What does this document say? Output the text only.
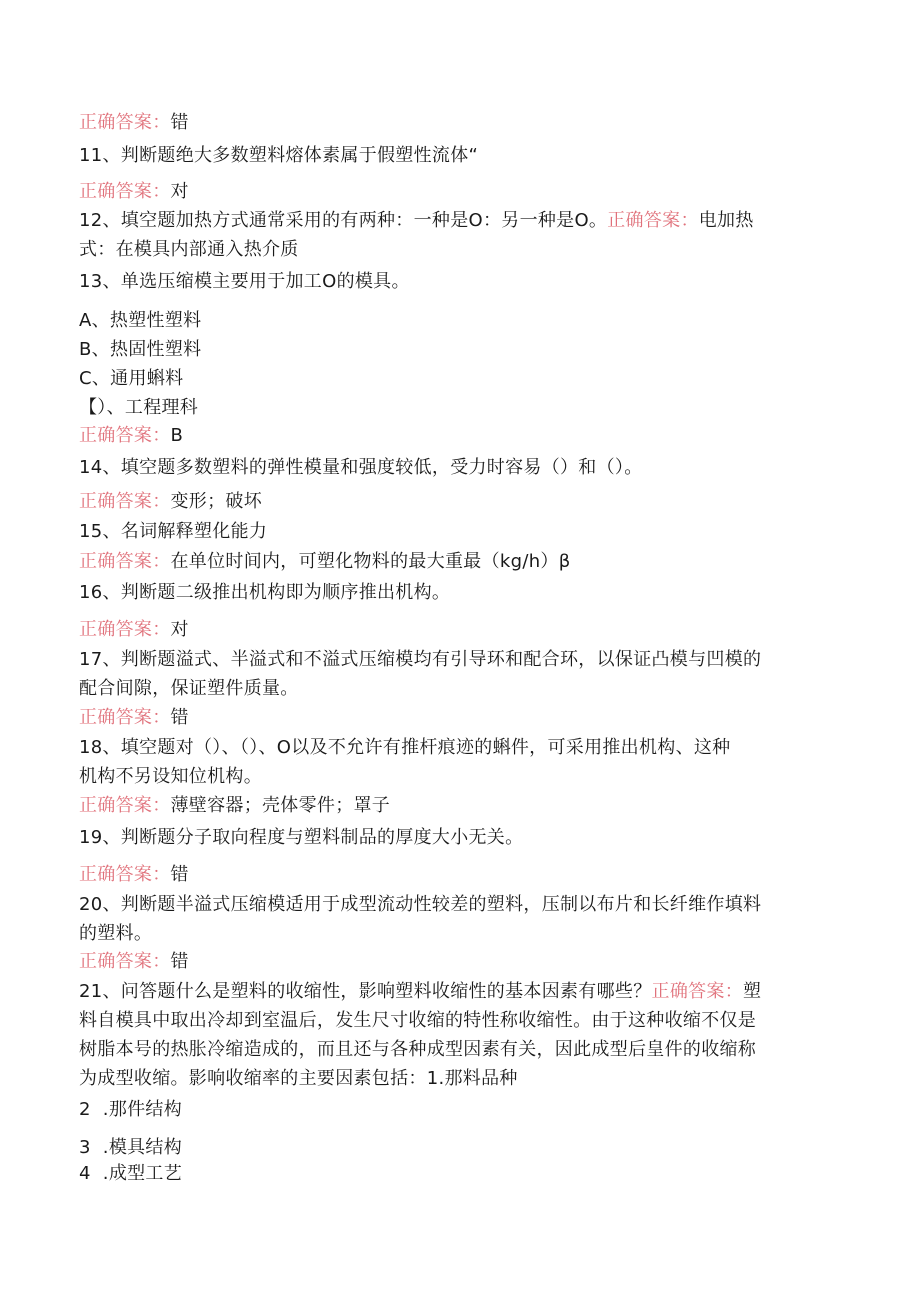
正确答案：错
11、判断题绝大多数塑料熔体素属于假塑性流体“
正确答案：对
12、填空题加热方式通常采用的有两种：一种是O：另一种是O。正确答案：电加热
式：在模具内部通入热介质
13、单选压缩模主要用于加工O的模具。
A、热塑性塑料
B、热固性塑料
C、通用蝌料
【）、工程理科
正确答案：B
14、填空题多数塑料的弹性模量和强度较低，受力时容易（）和（）。
正确答案：变形；破坏
15、名词解释塑化能力
正确答案：在单位时间内，可塑化物料的最大重最（kg/h）β
16、判断题二级推出机构即为顺序推出机构。
正确答案：对
17、判断题溢式、半溢式和不溢式压缩模均有引导环和配合环，以保证凸模与凹模的
配合间隙，保证塑件质量。
正确答案：错
18、填空题对（）、（）、O以及不允许有推杆痕迹的蝌件，可采用推出机构、这种
机构不另设知位机构。
正确答案：薄壁容器；壳体零件；罩子
19、判断题分子取向程度与塑料制品的厚度大小无关。
正确答案：错
20、判断题半溢式压缩模适用于成型流动性较差的塑料，压制以布片和长纤维作填料
的塑料。
正确答案：错
21、问答题什么是塑料的收缩性，影响塑料收缩性的基本因素有哪些？正确答案：塑
料自模具中取出冷却到室温后，发生尺寸收缩的特性称收缩性。由于这种收缩不仅是
树脂本号的热胀冷缩造成的，而且还与各种成型因素有关，因此成型后皇件的收缩称
为成型收缩。影响收缩率的主要因素包括：1.那料品种
2  .那件结构
3  .模具结构
4  .成型工艺
